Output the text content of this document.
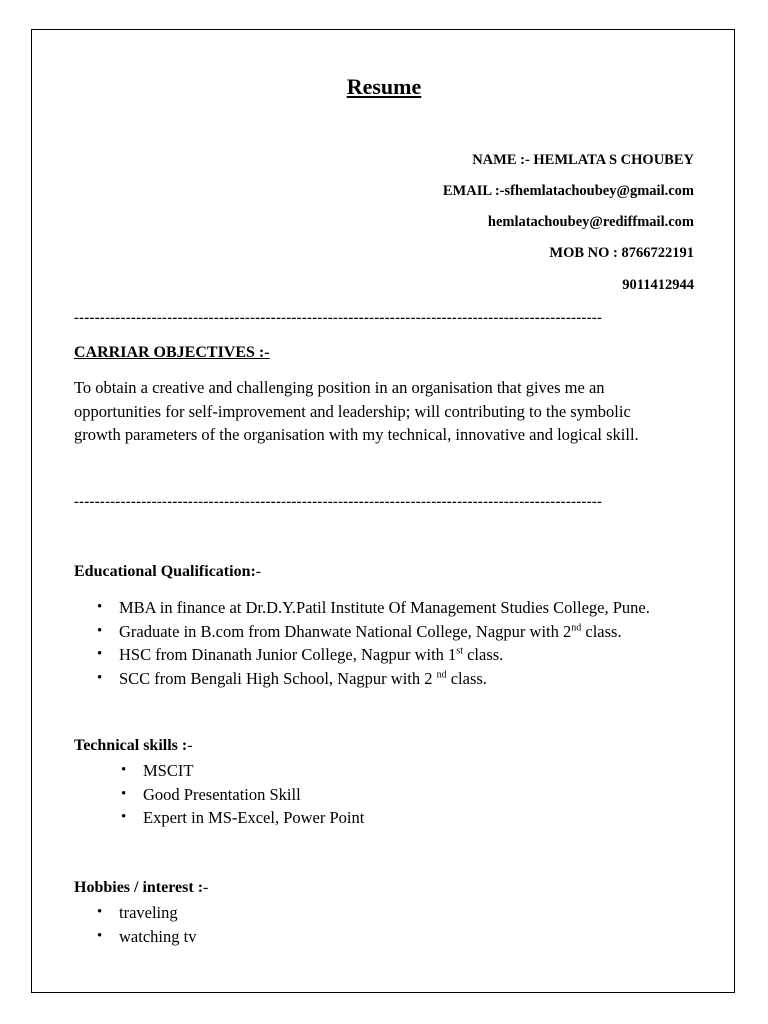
Resume
NAME :- HEMLATA S CHOUBEY
EMAIL :-sfhemlatachoubey@gmail.com
hemlatachoubey@rediffmail.com
MOB NO : 8766722191
9011412944
------------------------------------------------------------------------------------------------------
CARRIAR OBJECTIVES :-

To obtain a creative and challenging position in an organisation that gives me an

opportunities for self-improvement and leadership; will contributing to the symbolic

growth parameters of the organisation with my technical, innovative and logical skill.

------------------------------------------------------------------------------------------------------
Educational Qualification:-
• MBA in finance at Dr.D.Y.Patil Institute Of Management Studies College, Pune.
• Graduate in B.com from Dhanwate National College, Nagpur with 2nd class.
• HSC from Dinanath Junior College, Nagpur with 1st class.
• SCC from Bengali High School, Nagpur with 2 $^{nd}$ class.
Technical skills :-
• MSCIT
• Good Presentation Skill
• Expert in MS-Excel, Power Point
Hobbies / interest :-
• traveling
• watching tv
